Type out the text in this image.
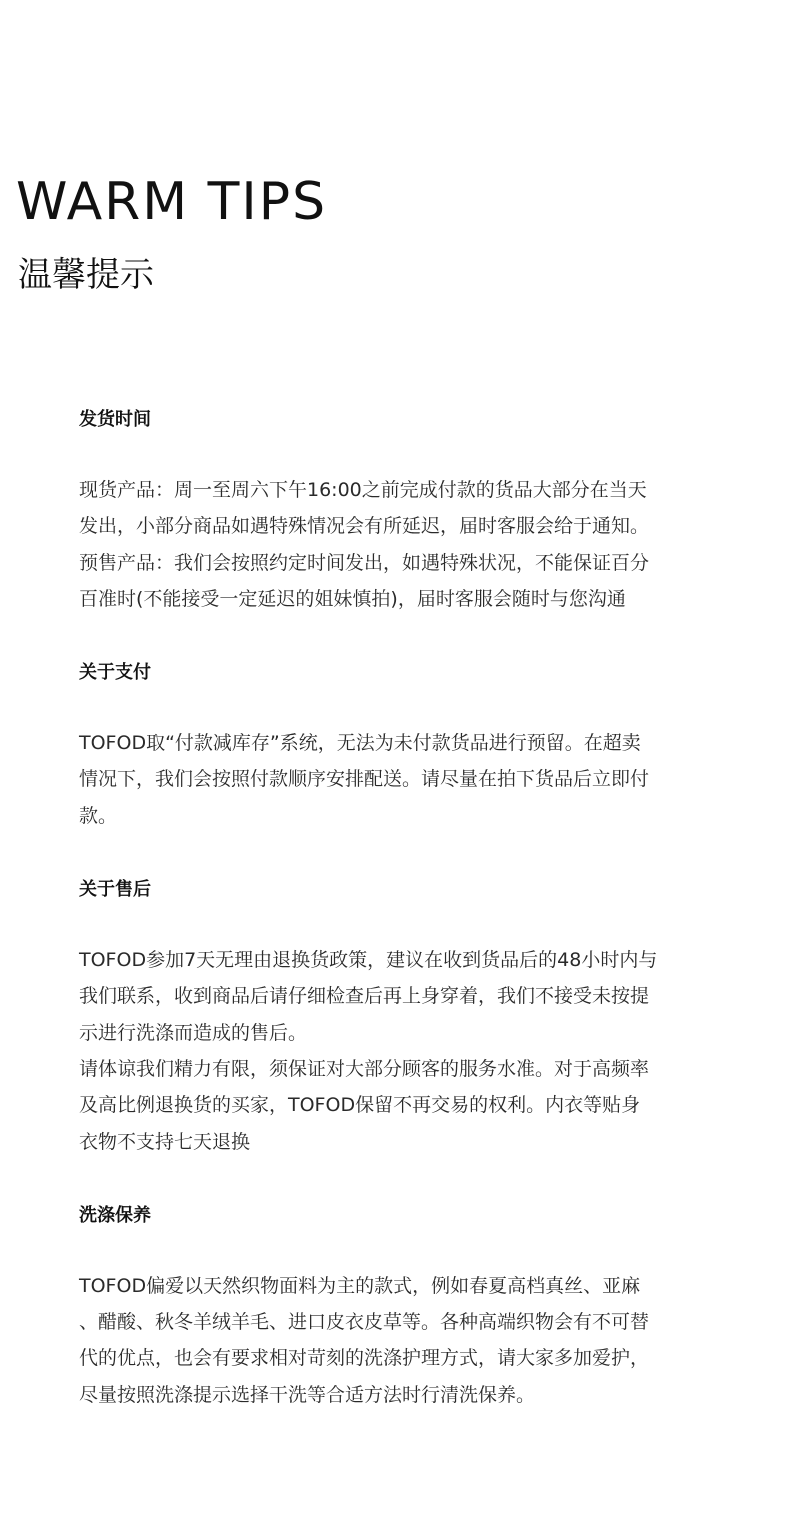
WARM TIPS
温馨提示
发货时间

现货产品：周一至周六下午16:00之前完成付款的货品大部分在当天
发出，小部分商品如遇特殊情况会有所延迟，届时客服会给于通知。

预售产品：我们会按照约定时间发出，如遇特殊状况，不能保证百分
百准时(不能接受一定延迟的姐妹慎拍)，届时客服会随时与您沟通

关于支付

TOFOD取“付款减库存”系统，无法为未付款货品进行预留。在超卖
情况下，我们会按照付款顺序安排配送。请尽量在拍下货品后立即付
款。

关于售后

TOFOD参加7天无理由退换货政策，建议在收到货品后的48小时内与
我们联系，收到商品后请仔细检查后再上身穿着，我们不接受未按提
示进行洗涤而造成的售后。

请体谅我们精力有限，须保证对大部分顾客的服务水准。对于高频率
及高比例退换货的买家，TOFOD保留不再交易的权利。内衣等贴身
衣物不支持七天退换

洗涤保养

TOFOD偏爱以天然织物面料为主的款式，例如春夏高档真丝、亚麻
、醋酸、秋冬羊绒羊毛、进口皮衣皮草等。各种高端织物会有不可替
代的优点，也会有要求相对苛刻的洗涤护理方式，请大家多加爱护，
尽量按照洗涤提示选择干洗等合适方法时行清洗保养。
